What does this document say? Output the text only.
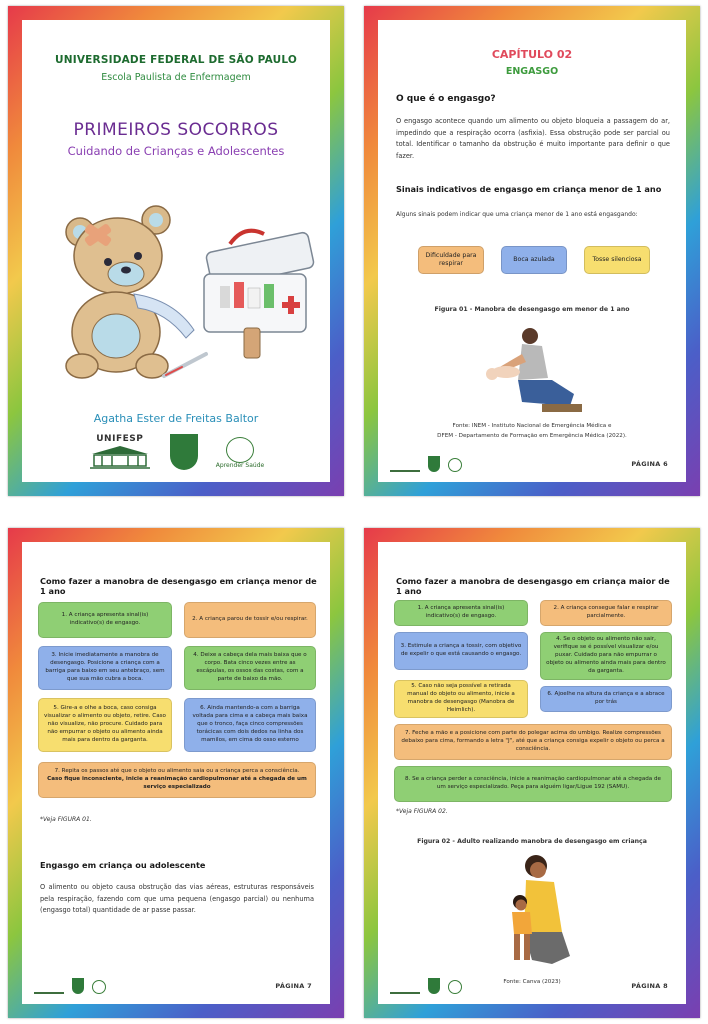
UNIVERSIDADE FEDERAL DE SÃO PAULO
Escola Paulista de Enfermagem
PRIMEIROS SOCORROS
Cuidando de Crianças e Adolescentes
Agatha Ester de Freitas Baltor
UNIFESP
Aprender Saúde
CAPÍTULO 02
ENGASGO
O que é o engasgo?
O engasgo acontece quando um alimento ou objeto bloqueia a passagem do ar, impedindo que a respiração ocorra (asfixia). Essa obstrução pode ser parcial ou total. Identificar o tamanho da obstrução é muito importante para definir o que fazer.
Sinais indicativos de engasgo em criança menor de 1 ano
Alguns sinais podem indicar que uma criança menor de 1 ano está engasgando:
Dificuldade para respirar
Boca azulada	Tosse silenciosa
Figura 01 - Manobra de desengasgo em menor de 1 ano
Fonte: INEM - Instituto Nacional de Emergência Médica e
DFEM - Departamento de Formação em Emergência Médica (2022).
PÁGINA 6
Como fazer a manobra de desengasgo em criança menor de 1 ano
1. A criança apresenta sinal(is) indicativo(s) de engasgo.
2. A criança parou de tossir e/ou respirar.
3. Inicie imediatamente a manobra de desengasgo. Posicione a criança com a barriga para baixo em seu antebraço, sem que sua mão cubra a boca.
4. Deixe a cabeça dela mais baixa que o corpo. Bata cinco vezes entre as escápulas, os ossos das costas, com a parte de baixo da mão.
5. Gire-a e olhe a boca, caso consiga visualizar o alimento ou objeto, retire. Caso não visualize, não procure. Cuidado para não empurrar o objeto ou alimento ainda mais para dentro da garganta.
6. Ainda mantendo-a com a barriga voltada para cima e a cabeça mais baixa que o tronco, faça cinco compressões torácicas com dois dedos na linha dos mamilos, em cima do osso esterno
7. Repita os passos até que o objeto ou alimento saia ou a criança perca a consciência.
Caso fique inconsciente, inicie a reanimação cardiopulmonar até a chegada de um serviço especializado
*Veja FIGURA 01.
Engasgo em criança ou adolescente
O alimento ou objeto causa obstrução das vias aéreas, estruturas responsáveis pela respiração, fazendo com que uma pequena (engasgo parcial) ou nenhuma (engasgo total) quantidade de ar passe passar.
PÁGINA 7
Como fazer a manobra de desengasgo em criança maior de 1 ano
1. A criança apresenta sinal(is) indicativo(s) de engasgo.
2. A criança consegue falar e respirar parcialmente.
3. Estimule a criança a tossir, com objetivo de expelir o que está causando o engasgo.
4. Se o objeto ou alimento não sair, verifique se é possível visualizar e/ou puxar. Cuidado para não empurrar o objeto ou alimento ainda mais para dentro da garganta.
5. Caso não seja possível a retirada manual do objeto ou alimento, inicie a manobra de desengasgo (Manobra de Heimlich).
6. Ajoelhe na altura da criança e a abrace por trás
7. Feche a mão e a posicione com parte do polegar acima do umbigo. Realize compressões debaixo para cima, formando a letra "J", até que a criança consiga expelir o objeto ou perca a consciência.
8. Se a criança perder a consciência, inicie a reanimação cardiopulmonar até a chegada de um serviço especializado. Peça para alguém ligar/Ligue 192 (SAMU).
*Veja FIGURA 02.
Figura 02 - Adulto realizando manobra de desengasgo em criança
Fonte: Canva (2023)	PÁGINA 8
